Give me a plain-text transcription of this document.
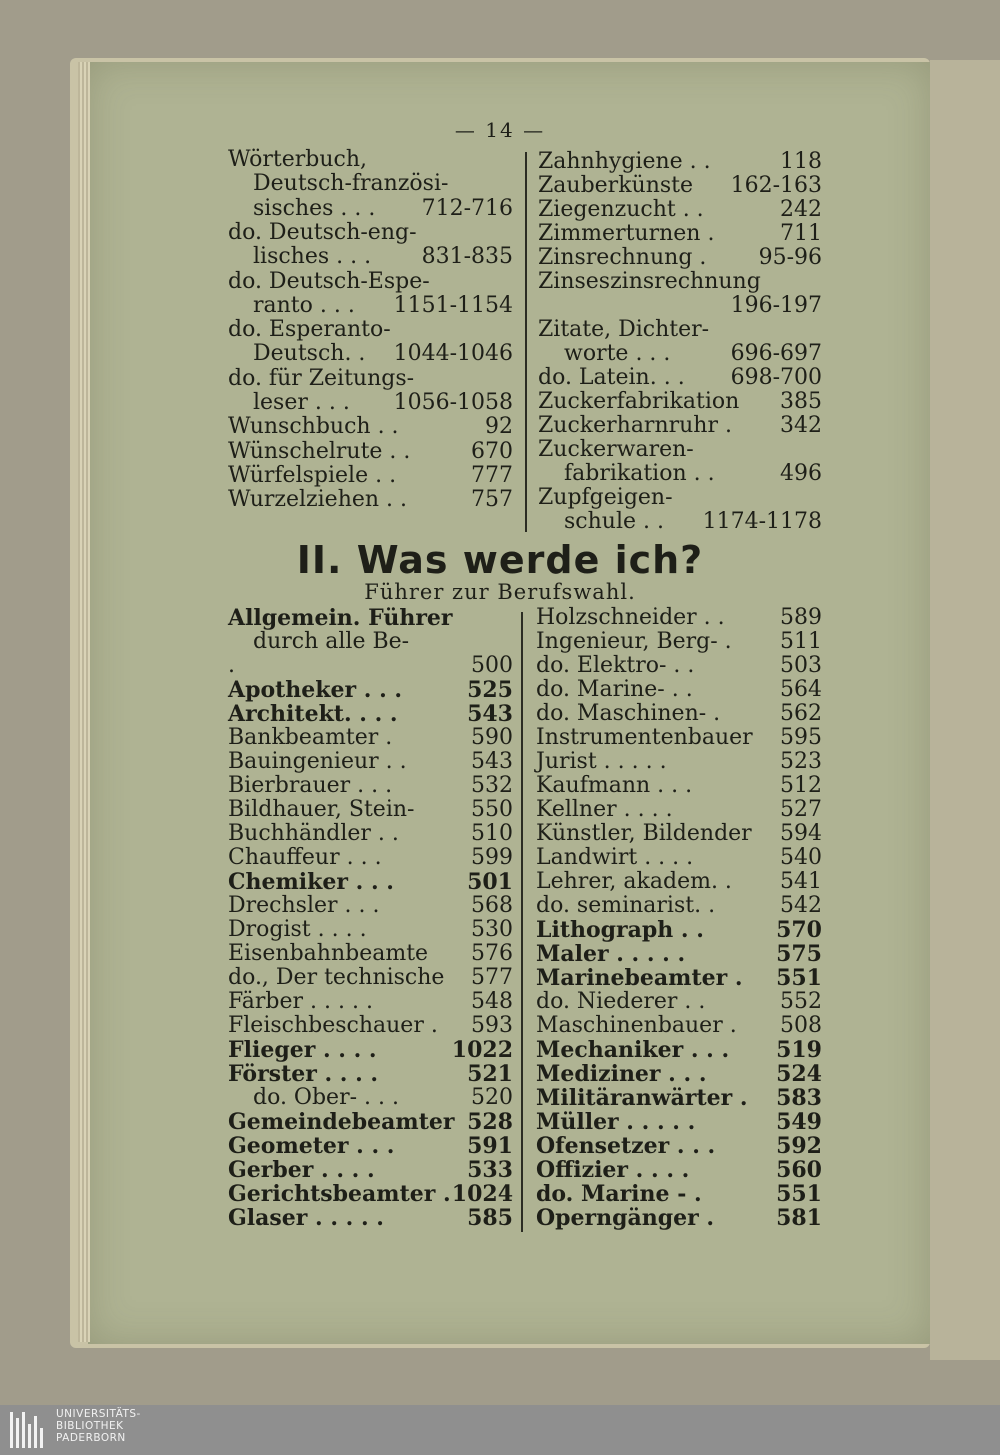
— 14 —
Wörterbuch,
Deutsch-französi-
sisches . . . 712-716
do. Deutsch-eng-
lisches . . . 831-835
do. Deutsch-Espe-
ranto . . . 1151-1154
do. Esperanto-
Deutsch. . 1044-1046
do. für Zeitungs-
leser . . . 1056-1058
Wunschbuch . .	92
Wünschelrute . .	670
Würfelspiele . .	777
Wurzelziehen . .	757
Zahnhygiene . .	118
Zauberkünste 162-163
Ziegenzucht . .	242
Zimmerturnen .	711
Zinsrechnung . 95-96
Zinseszinsrechnung
196-197
Zitate, Dichter-
worte . . .	696-697
do. Latein. . . 698-700
Zuckerfabrikation 385
Zuckerharnruhr . 342
Zuckerwaren-
fabrikation . .	496
Zupfgeigen-
schule . . 1174-1178
II. Was werde ich?
Führer zur Berufswahl.
Allgemein. Führer
durch alle Be-
.	500
Apotheker . . .	525
Architekt. . . .	543
Bankbeamter .	590
Bauingenieur . .	543
Bierbrauer . . .	532
Bildhauer, Stein-	550
Buchhändler . .	510
Chauffeur . . .	599
Chemiker . . .	501
Drechsler . . .	568
Drogist . . . .	530
Eisenbahnbeamte 576
do., Der technische 577
Färber . . . . .	548
Fleischbeschauer . 593
Flieger . . . .	1022
Förster . . . .	521
do. Ober- . . .	520
Gemeindebeamter 528
Geometer . . .	591
Gerber . . . .	533
Gerichtsbeamter . 1024
Glaser . . . . .	585
Holzschneider . .	589
Ingenieur, Berg- . 511
do. Elektro- . .	503
do. Marine- . .	564
do. Maschinen- .	562
Instrumentenbauer 595
Jurist . . . . .	523
Kaufmann . . .	512
Kellner . . . .	527
Künstler, Bildender 594
Landwirt . . . .	540
Lehrer, akadem. . 541
do. seminarist. .	542
Lithograph . .	570
Maler . . . . .	575
Marinebeamter . 551
do. Niederer . .	552
Maschinenbauer . 508
Mechaniker . . . 519
Mediziner . . .	524
Militäranwärter . 583
Müller . . . . .	549
Ofensetzer . . .	592
Offizier . . . .	560
do. Marine - .	551
Operngänger .	581
UNIVERSITÄTS-
BIBLIOTHEK
PADERBORN
